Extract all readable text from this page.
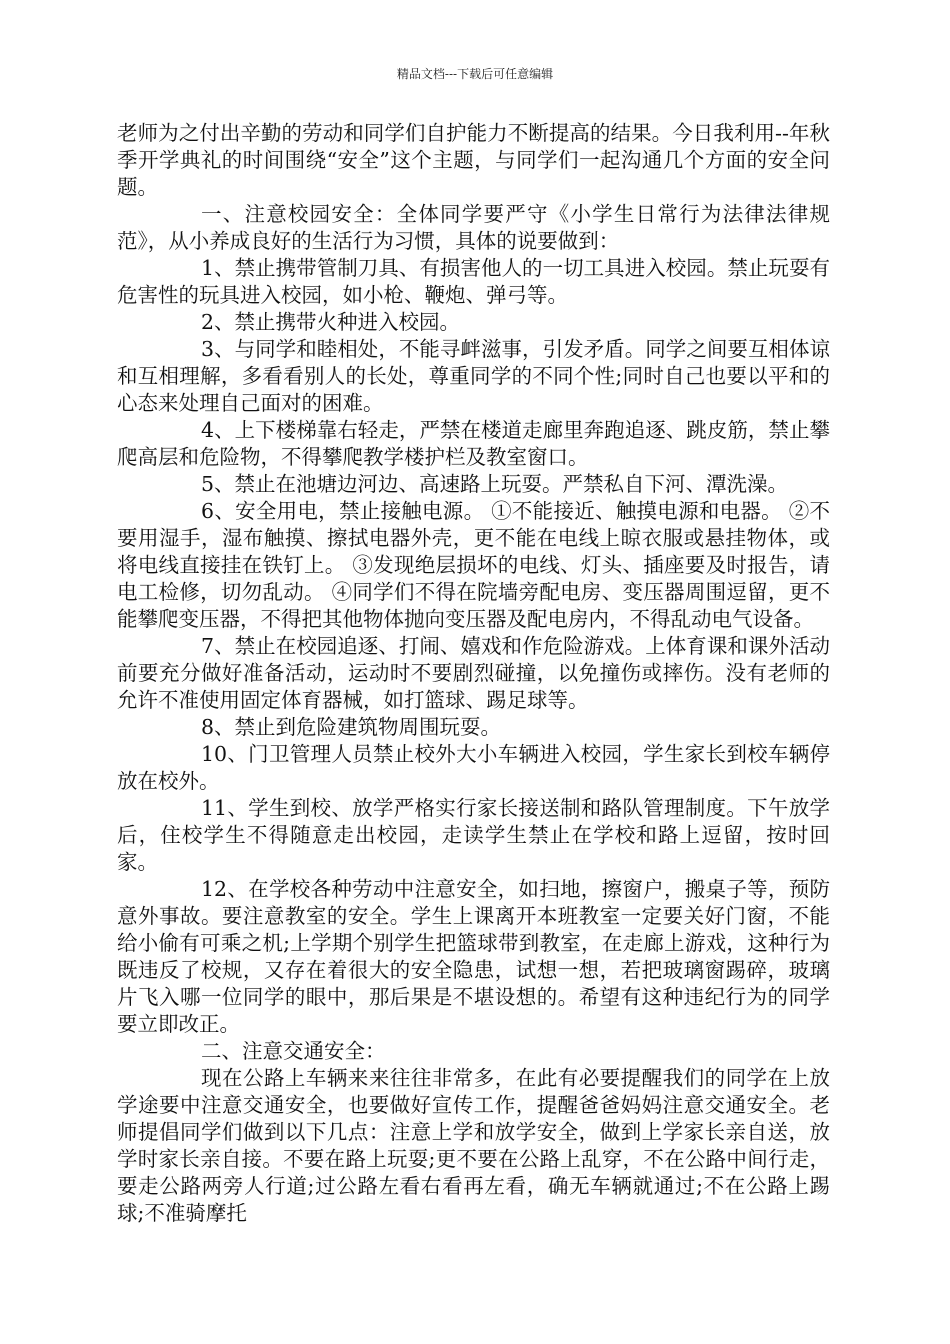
精品文档---下载后可任意编辑

老师为之付出辛勤的劳动和同学们自护能力不断提高的结果。今日我利用--年秋季开学典礼的时间围绕“安全”这个主题，与同学们一起沟通几个方面的安全问题。

一、注意校园安全：全体同学要严守《小学生日常行为法律法律规范》，从小养成良好的生活行为习惯，具体的说要做到：

1、禁止携带管制刀具、有损害他人的一切工具进入校园。禁止玩耍有危害性的玩具进入校园，如小枪、鞭炮、弹弓等。

2、禁止携带火种进入校园。

3、与同学和睦相处，不能寻衅滋事，引发矛盾。同学之间要互相体谅和互相理解，多看看别人的长处，尊重同学的不同个性;同时自己也要以平和的心态来处理自己面对的困难。

4、上下楼梯靠右轻走，严禁在楼道走廊里奔跑追逐、跳皮筋，禁止攀爬高层和危险物，不得攀爬教学楼护栏及教室窗口。

5、禁止在池塘边河边、高速路上玩耍。严禁私自下河、潭洗澡。

6、安全用电，禁止接触电源。 ①不能接近、触摸电源和电器。 ②不要用湿手，湿布触摸、擦拭电器外壳，更不能在电线上晾衣服或悬挂物体，或将电线直接挂在铁钉上。 ③发现绝层损坏的电线、灯头、插座要及时报告，请电工检修，切勿乱动。 ④同学们不得在院墙旁配电房、变压器周围逗留，更不能攀爬变压器，不得把其他物体抛向变压器及配电房内，不得乱动电气设备。

7、禁止在校园追逐、打闹、嬉戏和作危险游戏。上体育课和课外活动前要充分做好准备活动，运动时不要剧烈碰撞，以免撞伤或摔伤。没有老师的允许不准使用固定体育器械，如打篮球、踢足球等。

8、禁止到危险建筑物周围玩耍。

10、门卫管理人员禁止校外大小车辆进入校园，学生家长到校车辆停放在校外。

11、学生到校、放学严格实行家长接送制和路队管理制度。下午放学后，住校学生不得随意走出校园，走读学生禁止在学校和路上逗留，按时回家。

12、在学校各种劳动中注意安全，如扫地，擦窗户，搬桌子等，预防意外事故。要注意教室的安全。学生上课离开本班教室一定要关好门窗，不能给小偷有可乘之机;上学期个别学生把篮球带到教室，在走廊上游戏，这种行为既违反了校规，又存在着很大的安全隐患，试想一想，若把玻璃窗踢碎，玻璃片飞入哪一位同学的眼中，那后果是不堪设想的。希望有这种违纪行为的同学要立即改正。

二、注意交通安全：

现在公路上车辆来来往往非常多，在此有必要提醒我们的同学在上放学途要中注意交通安全，也要做好宣传工作，提醒爸爸妈妈注意交通安全。老师提倡同学们做到以下几点：注意上学和放学安全，做到上学家长亲自送，放学时家长亲自接。不要在路上玩耍;更不要在公路上乱穿，不在公路中间行走，要走公路两旁人行道;过公路左看右看再左看，确无车辆就通过;不在公路上踢球;不准骑摩托
